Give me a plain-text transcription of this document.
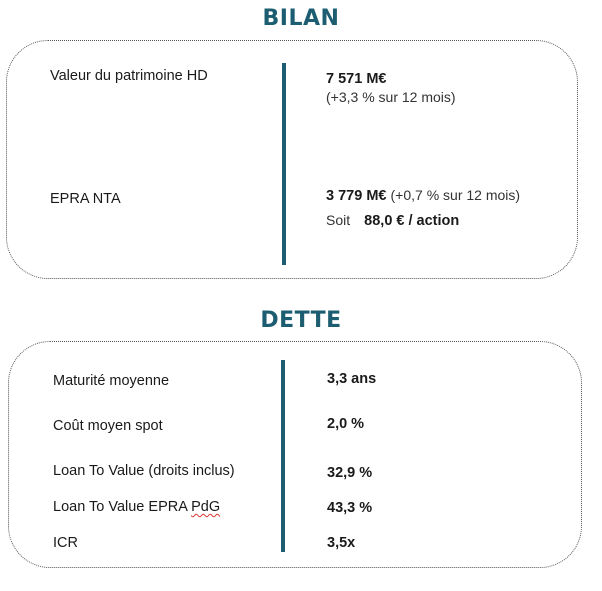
BILAN
Valeur du patrimoine HD	7 571 M€
(+3,3 % sur 12 mois)
EPRA NTA	3 779 M€ (+0,7 % sur 12 mois)
Soit 88,0 € / action
DETTE
Maturité moyenne	3,3 ans
Coût moyen spot	2,0 %
Loan To Value (droits inclus)	32,9 %
Loan To Value EPRA PdG	43,3 %
ICR	3,5x
